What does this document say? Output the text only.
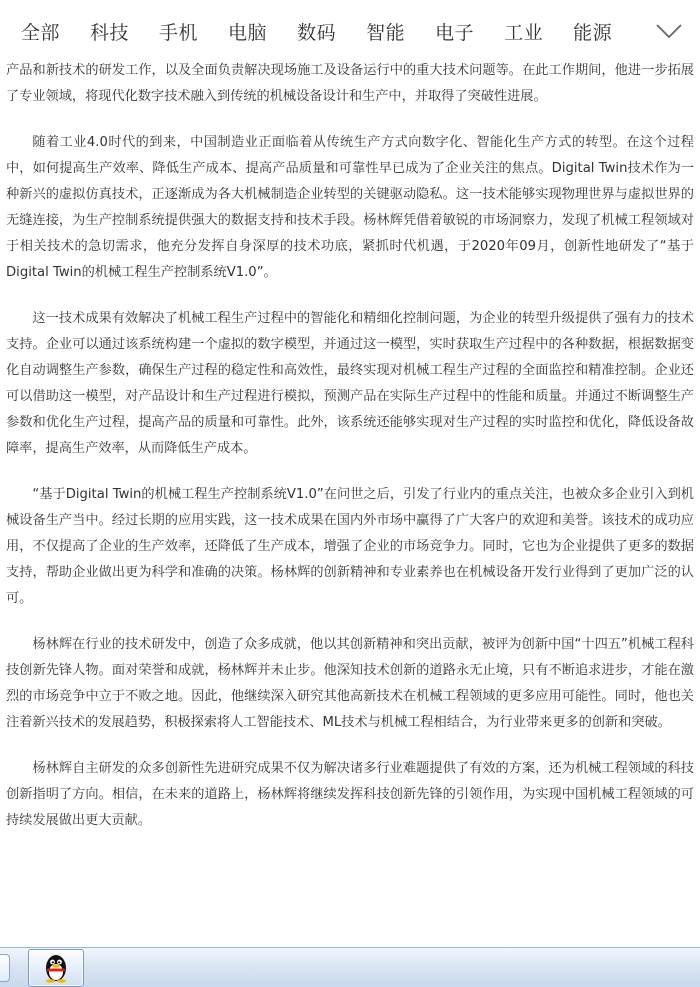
产品和新技术的研发工作，以及全面负责解决现场施工及设备运行中的重大技术问题等。在此工作期间，他进一步拓展了专业领域，将现代化数字技术融入到传统的机械设备设计和生产中，并取得了突破性进展。

随着工业4.0时代的到来，中国制造业正面临着从传统生产方式向数字化、智能化生产方式的转型。在这个过程中，如何提高生产效率、降低生产成本、提高产品质量和可靠性早已成为了企业关注的焦点。Digital Twin技术作为一种新兴的虚拟仿真技术，正逐渐成为各大机械制造企业转型的关键驱动隐私。这一技术能够实现物理世界与虚拟世界的无缝连接，为生产控制系统提供强大的数据支持和技术手段。杨林辉凭借着敏锐的市场洞察力，发现了机械工程领域对于相关技术的急切需求，他充分发挥自身深厚的技术功底，紧抓时代机遇，于2020年09月，创新性地研发了“基于Digital Twin的机械工程生产控制系统V1.0”。

这一技术成果有效解决了机械工程生产过程中的智能化和精细化控制问题，为企业的转型升级提供了强有力的技术支持。企业可以通过该系统构建一个虚拟的数字模型，并通过这一模型，实时获取生产过程中的各种数据，根据数据变化自动调整生产参数，确保生产过程的稳定性和高效性，最终实现对机械工程生产过程的全面监控和精准控制。企业还可以借助这一模型，对产品设计和生产过程进行模拟，预测产品在实际生产过程中的性能和质量。并通过不断调整生产参数和优化生产过程，提高产品的质量和可靠性。此外，该系统还能够实现对生产过程的实时监控和优化，降低设备故障率，提高生产效率，从而降低生产成本。

“基于Digital Twin的机械工程生产控制系统V1.0”在问世之后，引发了行业内的重点关注，也被众多企业引入到机械设备生产当中。经过长期的应用实践，这一技术成果在国内外市场中赢得了广大客户的欢迎和美誉。该技术的成功应用，不仅提高了企业的生产效率，还降低了生产成本，增强了企业的市场竞争力。同时，它也为企业提供了更多的数据支持，帮助企业做出更为科学和准确的决策。杨林辉的创新精神和专业素养也在机械设备开发行业得到了更加广泛的认可。

杨林辉在行业的技术研发中，创造了众多成就，他以其创新精神和突出贡献，被评为创新中国“十四五”机械工程科技创新先锋人物。面对荣誉和成就，杨林辉并未止步。他深知技术创新的道路永无止境，只有不断追求进步，才能在激烈的市场竞争中立于不败之地。因此，他继续深入研究其他高新技术在机械工程领域的更多应用可能性。同时，他也关注着新兴技术的发展趋势，积极探索将人工智能技术、ML技术与机械工程相结合，为行业带来更多的创新和突破。

杨林辉自主研发的众多创新性先进研究成果不仅为解决诸多行业难题提供了有效的方案，还为机械工程领域的科技创新指明了方向。相信，在未来的道路上，杨林辉将继续发挥科技创新先锋的引领作用，为实现中国机械工程领域的可持续发展做出更大贡献。

全部 科技 手机 电脑 数码 智能 电子 工业 能源
